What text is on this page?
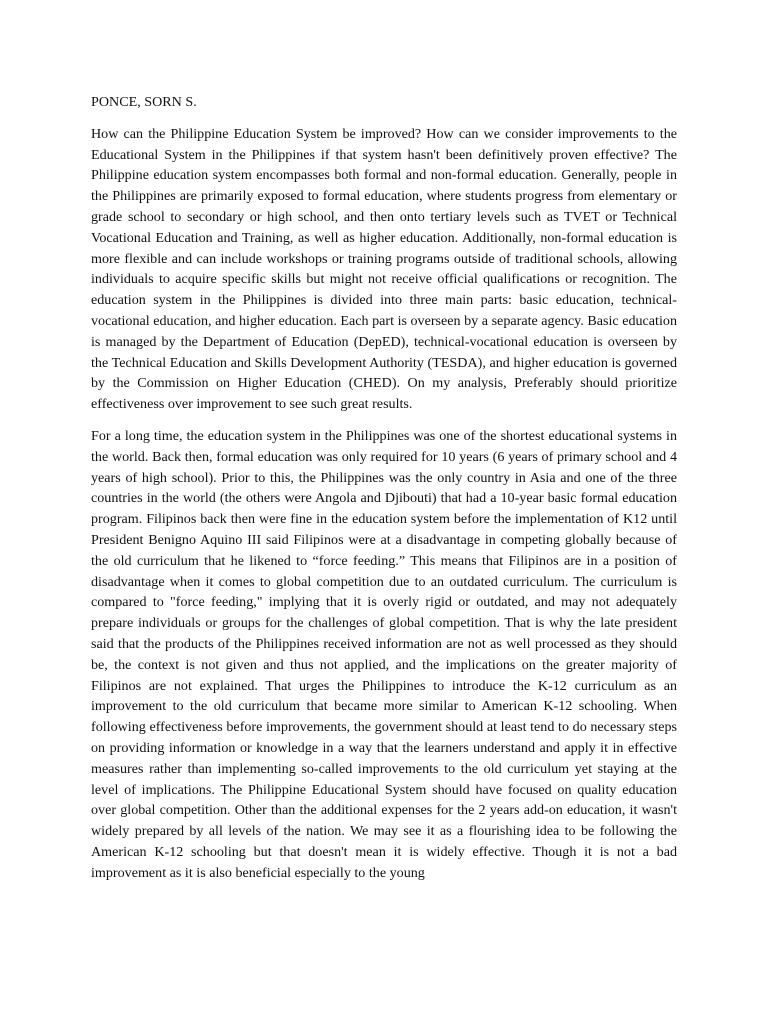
PONCE, SORN S.

How can the Philippine Education System be improved? How can we consider improvements to the Educational System in the Philippines if that system hasn't been definitively proven effective? The Philippine education system encompasses both formal and non-formal education. Generally, people in the Philippines are primarily exposed to formal education, where students progress from elementary or grade school to secondary or high school, and then onto tertiary levels such as TVET or Technical Vocational Education and Training, as well as higher education. Additionally, non-formal education is more flexible and can include workshops or training programs outside of traditional schools, allowing individuals to acquire specific skills but might not receive official qualifications or recognition. The education system in the Philippines is divided into three main parts: basic education, technical-vocational education, and higher education. Each part is overseen by a separate agency. Basic education is managed by the Department of Education (DepED), technical-vocational education is overseen by the Technical Education and Skills Development Authority (TESDA), and higher education is governed by the Commission on Higher Education (CHED). On my analysis, Preferably should prioritize effectiveness over improvement to see such great results.

For a long time, the education system in the Philippines was one of the shortest educational systems in the world. Back then, formal education was only required for 10 years (6 years of primary school and 4 years of high school). Prior to this, the Philippines was the only country in Asia and one of the three countries in the world (the others were Angola and Djibouti) that had a 10-year basic formal education program. Filipinos back then were fine in the education system before the implementation of K12 until President Benigno Aquino III said Filipinos were at a disadvantage in competing globally because of the old curriculum that he likened to “force feeding.” This means that Filipinos are in a position of disadvantage when it comes to global competition due to an outdated curriculum. The curriculum is compared to "force feeding," implying that it is overly rigid or outdated, and may not adequately prepare individuals or groups for the challenges of global competition. That is why the late president said that the products of the Philippines received information are not as well processed as they should be, the context is not given and thus not applied, and the implications on the greater majority of Filipinos are not explained. That urges the Philippines to introduce the K-12 curriculum as an improvement to the old curriculum that became more similar to American K-12 schooling. When following effectiveness before improvements, the government should at least tend to do necessary steps on providing information or knowledge in a way that the learners understand and apply it in effective measures rather than implementing so-called improvements to the old curriculum yet staying at the level of implications. The Philippine Educational System should have focused on quality education over global competition. Other than the additional expenses for the 2 years add-on education, it wasn't widely prepared by all levels of the nation. We may see it as a flourishing idea to be following the American K-12 schooling but that doesn't mean it is widely effective. Though it is not a bad improvement as it is also beneficial especially to the young
